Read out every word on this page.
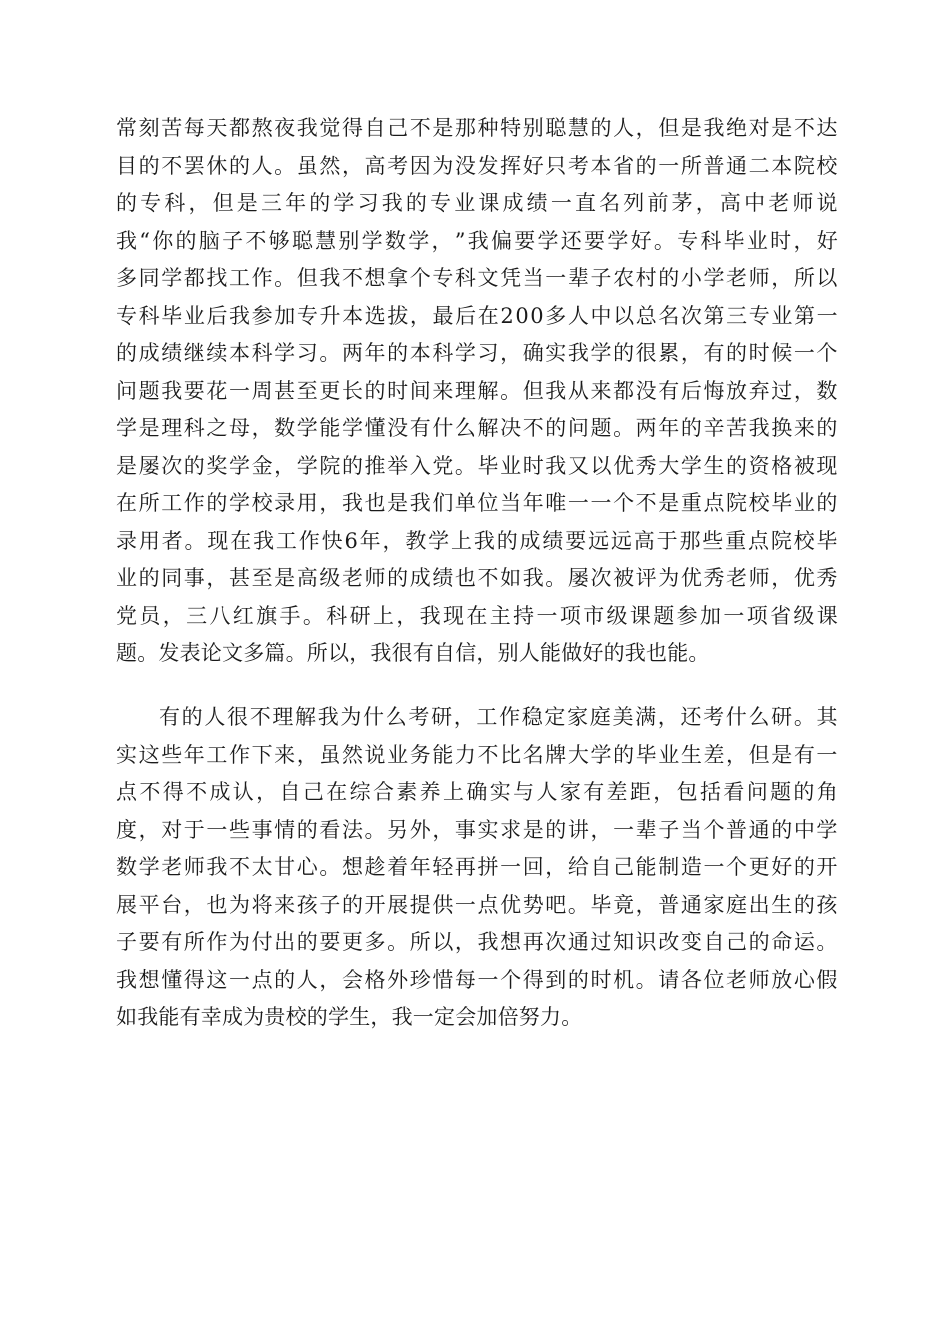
常 刻 苦 每 天 都 熬 夜 我 觉 得 自 己 不 是 那 种 特 别 聪 慧 的 人 ， 但 是 我 绝 对 是 不 达
目 的 不 罢 休 的 人 。 虽 然 ， 高 考 因 为 没 发 挥 好 只 考 本 省 的 一 所 普 通 二 本 院 校
的 专 科 ， 但 是 三 年 的 学 习 我 的 专 业 课 成 绩 一 直 名 列 前 茅 ， 高 中 老 师 说
我 “ 你 的 脑 子 不 够 聪 慧 别 学 数 学 ， ” 我 偏 要 学 还 要 学 好 。 专 科 毕 业 时 ， 好
多 同 学 都 找 工 作 。 但 我 不 想 拿 个 专 科 文 凭 当 一 辈 子 农 村 的 小 学 老 师 ， 所 以
专 科 毕 业 后 我 参 加 专 升 本 选 拔 ， 最 后 在 2 0 0 多 人 中 以 总 名 次 第 三 专 业 第 一
的 成 绩 继 续 本 科 学 习 。 两 年 的 本 科 学 习 ， 确 实 我 学 的 很 累 ， 有 的 时 候 一 个
问 题 我 要 花 一 周 甚 至 更 长 的 时 间 来 理 解 。 但 我 从 来 都 没 有 后 悔 放 弃 过 ， 数
学 是 理 科 之 母 ， 数 学 能 学 懂 没 有 什 么 解 决 不 的 问 题 。 两 年 的 辛 苦 我 换 来 的
是 屡 次 的 奖 学 金 ， 学 院 的 推 举 入 党 。 毕 业 时 我 又 以 优 秀 大 学 生 的 资 格 被 现
在 所 工 作 的 学 校 录 用 ， 我 也 是 我 们 单 位 当 年 唯 一 一 个 不 是 重 点 院 校 毕 业 的
录 用 者 。 现 在 我 工 作 快 6 年 ， 教 学 上 我 的 成 绩 要 远 远 高 于 那 些 重 点 院 校 毕
业 的 同 事 ， 甚 至 是 高 级 老 师 的 成 绩 也 不 如 我 。 屡 次 被 评 为 优 秀 老 师 ， 优 秀
党 员 ， 三 八 红 旗 手 。 科 研 上 ， 我 现 在 主 持 一 项 市 级 课 题 参 加 一 项 省 级 课
题。发表论文多篇。所以，我很有自信，别人能做好的我也能。
有 的 人 很 不 理 解 我 为 什 么 考 研 ， 工 作 稳 定 家 庭 美 满 ， 还 考 什 么 研 。 其
实 这 些 年 工 作 下 来 ， 虽 然 说 业 务 能 力 不 比 名 牌 大 学 的 毕 业 生 差 ， 但 是 有 一
点 不 得 不 成 认 ， 自 己 在 综 合 素 养 上 确 实 与 人 家 有 差 距 ， 包 括 看 问 题 的 角
度 ， 对 于 一 些 事 情 的 看 法 。 另 外 ， 事 实 求 是 的 讲 ， 一 辈 子 当 个 普 通 的 中 学
数 学 老 师 我 不 太 甘 心 。 想 趁 着 年 轻 再 拼 一 回 ， 给 自 己 能 制 造 一 个 更 好 的 开
展 平 台 ， 也 为 将 来 孩 子 的 开 展 提 供 一 点 优 势 吧 。 毕 竟 ， 普 通 家 庭 出 生 的 孩
子 要 有 所 作 为 付 出 的 要 更 多 。 所 以 ， 我 想 再 次 通 过 知 识 改 变 自 己 的 命 运 。
我 想 懂 得 这 一 点 的 人 ， 会 格 外 珍 惜 每 一 个 得 到 的 时 机 。 请 各 位 老 师 放 心 假
如我能有幸成为贵校的学生，我一定会加倍努力。
